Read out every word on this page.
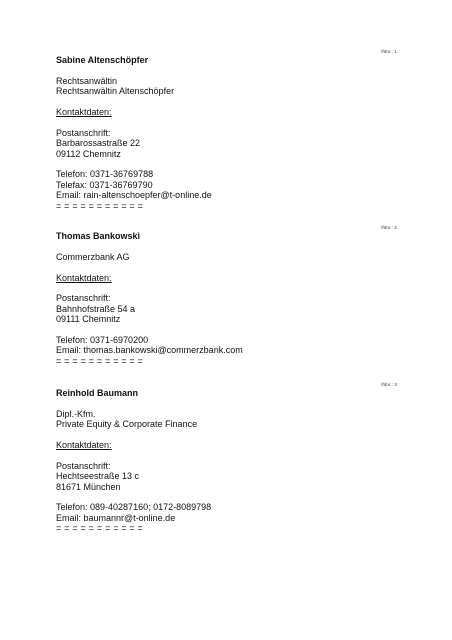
lfdnr.: 1
Sabine Altenschöpfer
Rechtsanwältin
Rechtsanwältin Altenschöpfer
Kontaktdaten:
Postanschrift:
Barbarossastraße 22
09112 Chemnitz
Telefon: 0371-36769788
Telefax: 0371-36769790
Email: rain-altenschoepfer@t-online.de
= = = = = = = = = = =
lfdnr.: 2
Thomas Bankowski
Commerzbank AG
Kontaktdaten:
Postanschrift:
Bahnhofstraße 54 a
09111 Chemnitz
Telefon: 0371-6970200
Email: thomas.bankowski@commerzbank.com
= = = = = = = = = = =
lfdnr.: 3
Reinhold Baumann
Dipl.-Kfm.
Private Equity & Corporate Finance
Kontaktdaten:
Postanschrift:
Hechtseestraße 13 c
81671 München
Telefon: 089-40287160; 0172-8089798
Email: baumannr@t-online.de
= = = = = = = = = = =
